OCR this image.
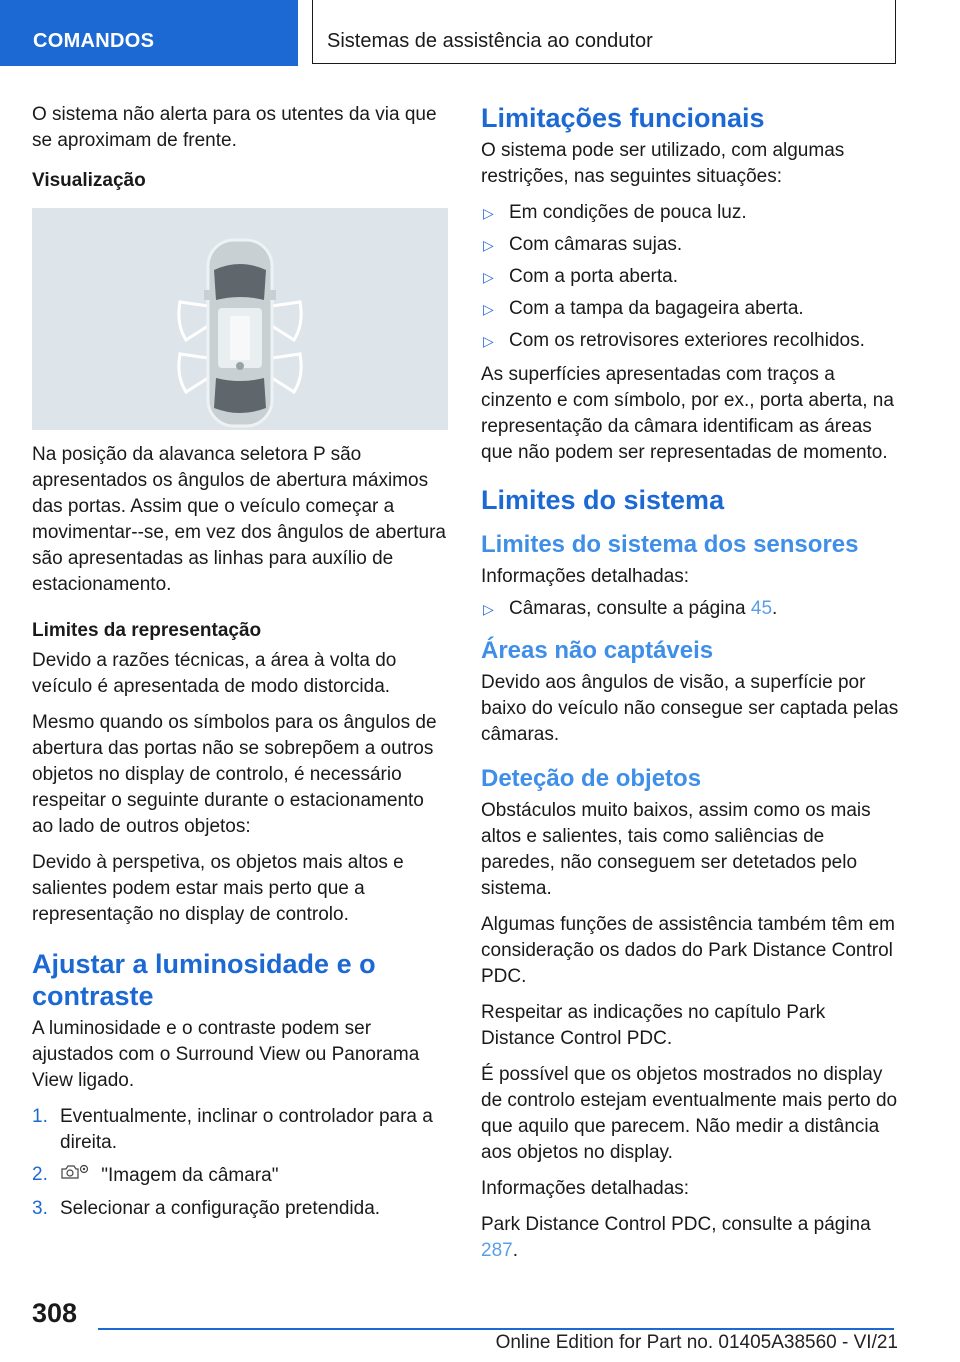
COMANDOS	Sistemas de assistência ao condutor

O sistema não alerta para os utentes da via que se aproximam de frente.

Visualização

Na posição da alavanca seletora P são apresentados os ângulos de abertura máximos das portas. Assim que o veículo começar a movimentar--se, em vez dos ângulos de abertura são apresentadas as linhas para auxílio de estacionamento.

Limites da representação

Devido a razões técnicas, a área à volta do veículo é apresentada de modo distorcida.

Mesmo quando os símbolos para os ângulos de abertura das portas não se sobrepõem a outros objetos no display de controlo, é necessário respeitar o seguinte durante o estacionamento ao lado de outros objetos:

Devido à perspetiva, os objetos mais altos e salientes podem estar mais perto que a representação no display de controlo.

Ajustar a luminosidade e o contraste

A luminosidade e o contraste podem ser ajustados com o Surround View ou Panorama View ligado.

1. Eventualmente, inclinar o controlador para a direita.
2.	"Imagem da câmara"
3. Selecionar a configuração pretendida.
Limitações funcionais

O sistema pode ser utilizado, com algumas restrições, nas seguintes situações:

▷ Em condições de pouca luz.
▷ Com câmaras sujas.
▷ Com a porta aberta.
▷ Com a tampa da bagageira aberta.
▷ Com os retrovisores exteriores recolhidos.

As superfícies apresentadas com traços a cinzento e com símbolo, por ex., porta aberta, na representação da câmara identificam as áreas que não podem ser representadas de momento.

Limites do sistema
Limites do sistema dos sensores

Informações detalhadas:

▷ Câmaras, consulte a página 45.
Áreas não captáveis

Devido aos ângulos de visão, a superfície por baixo do veículo não consegue ser captada pelas câmaras.

Deteção de objetos

Obstáculos muito baixos, assim como os mais altos e salientes, tais como saliências de paredes, não conseguem ser detetados pelo sistema.

Algumas funções de assistência também têm em consideração os dados do Park Distance Control PDC.

Respeitar as indicações no capítulo Park Distance Control PDC.

É possível que os objetos mostrados no display de controlo estejam eventualmente mais perto do que aquilo que parecem. Não medir a distância aos objetos no display.

Informações detalhadas:

Park Distance Control PDC, consulte a página 287.

308
Online Edition for Part no. 01405A38560 - VI/21
